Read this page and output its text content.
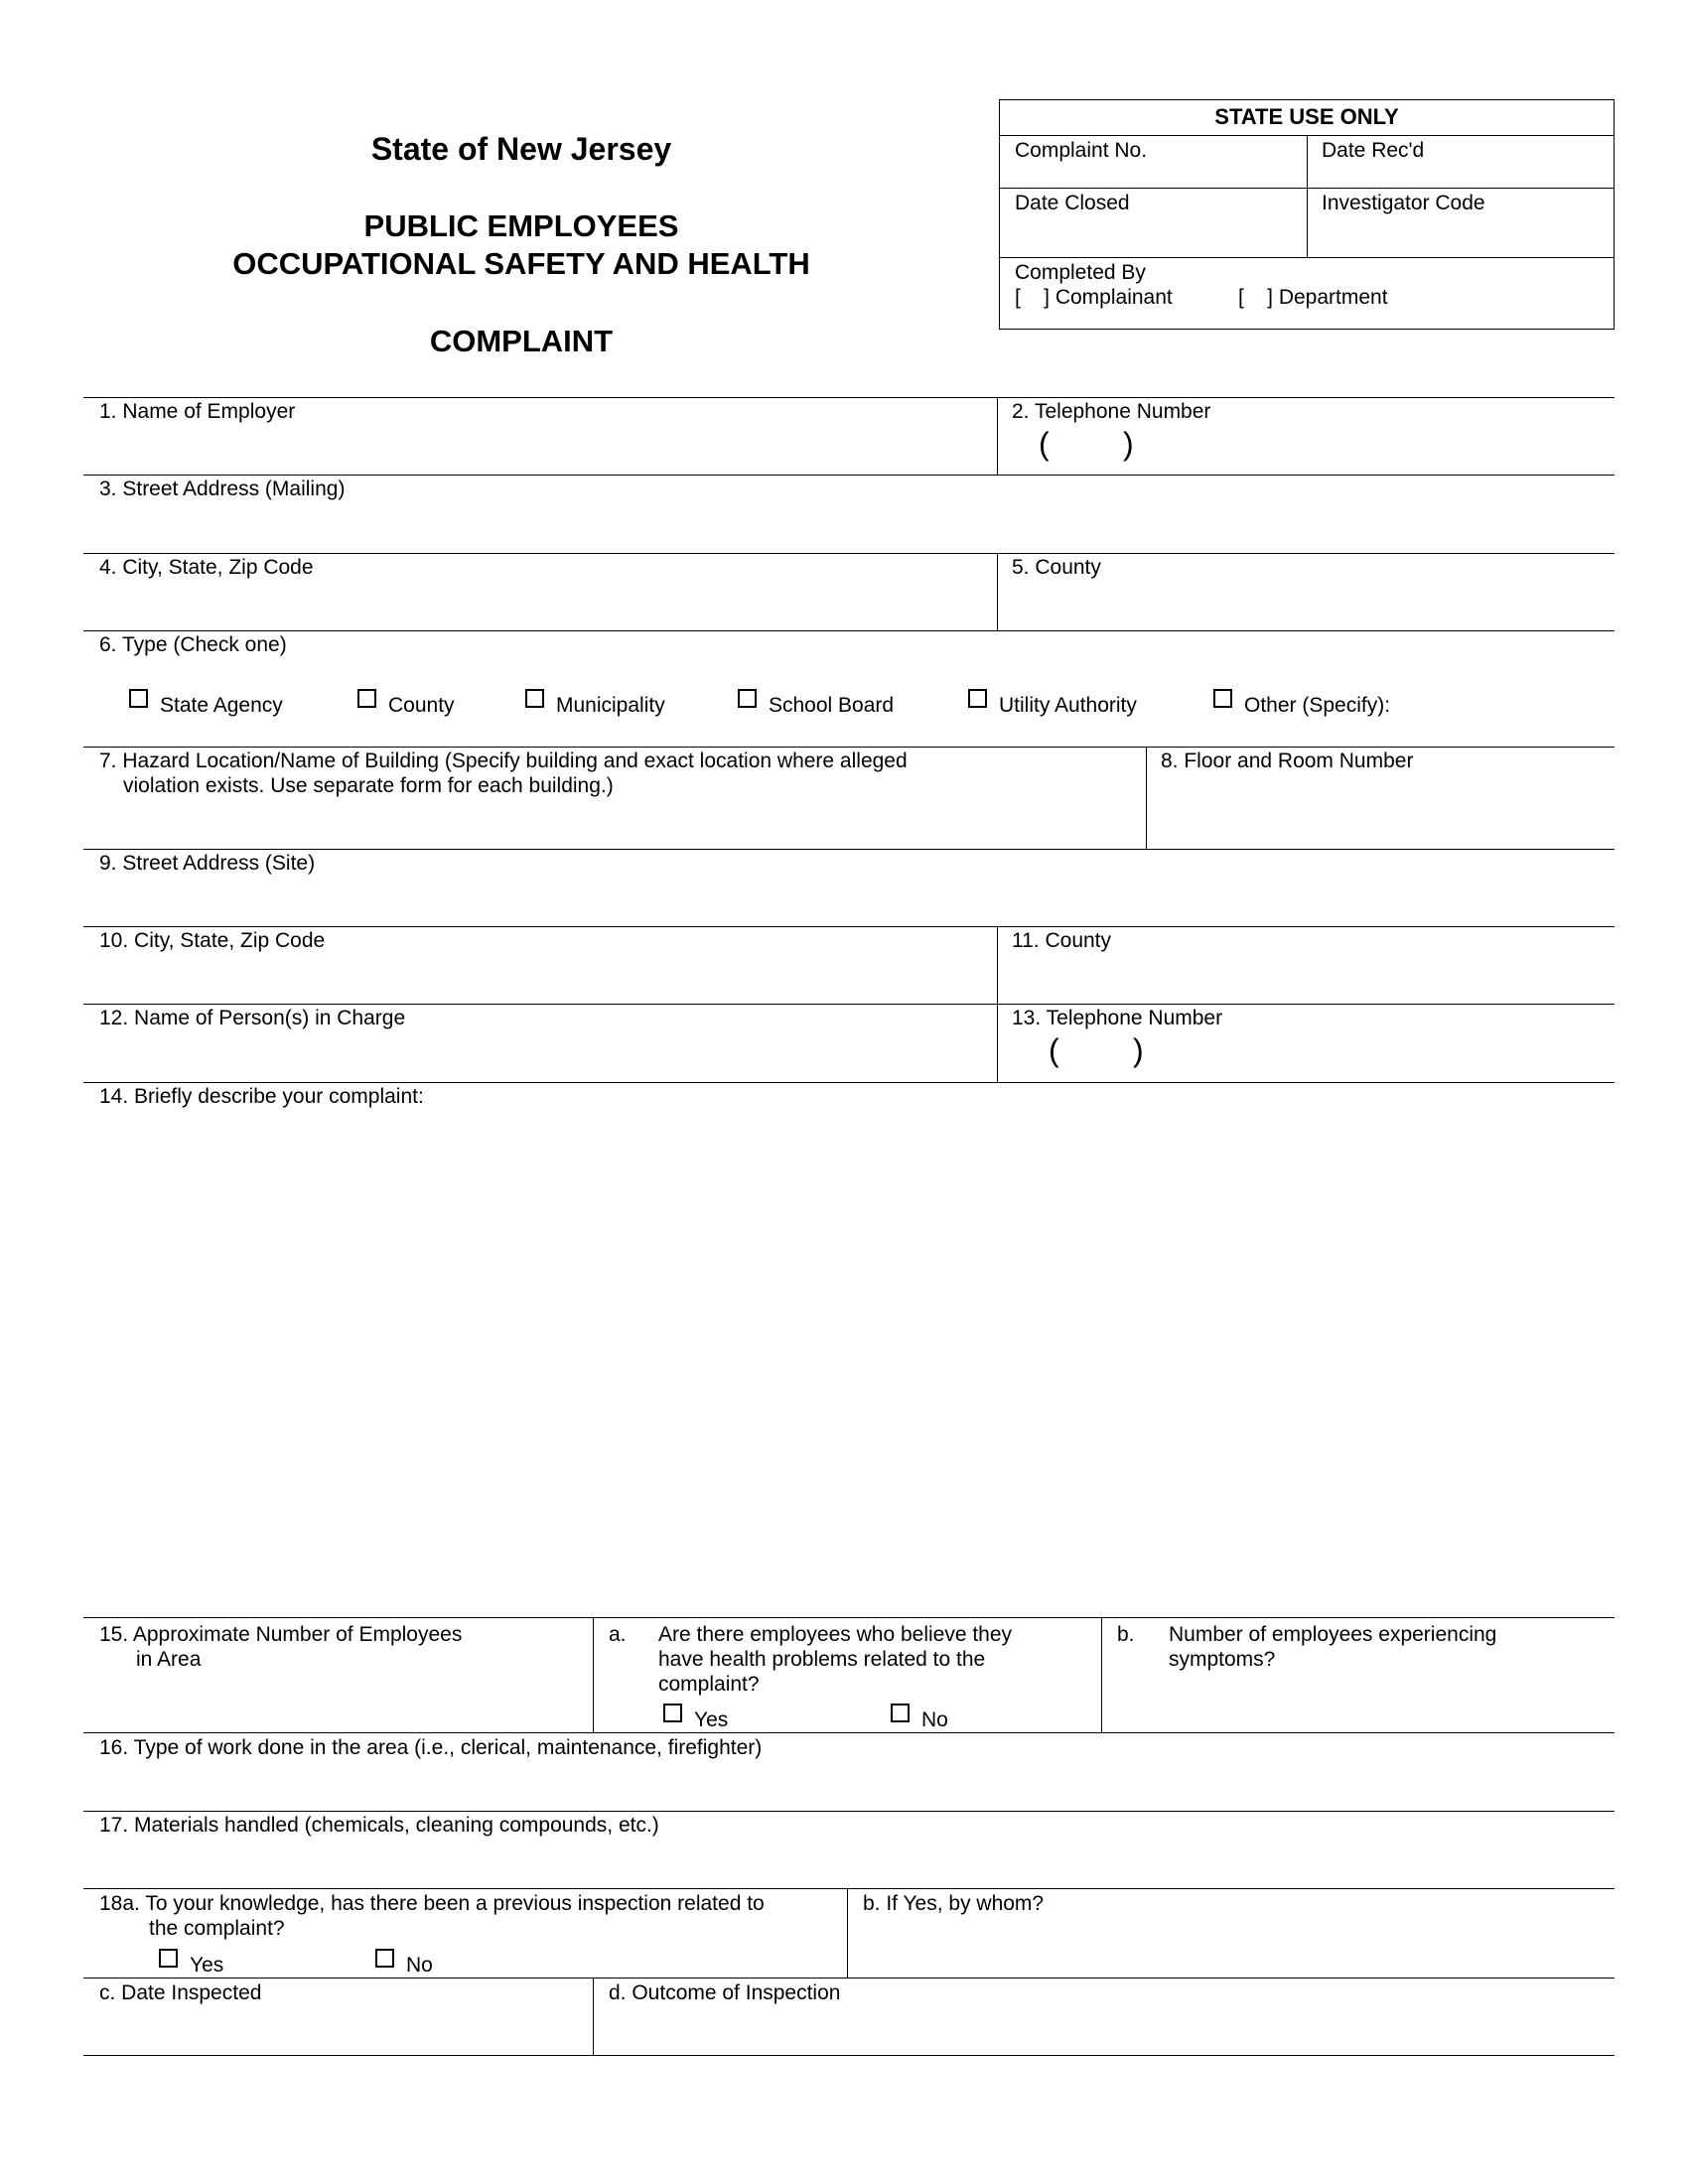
State of New Jersey
PUBLIC EMPLOYEES
OCCUPATIONAL SAFETY AND HEALTH
COMPLAINT
STATE USE ONLY
Complaint No.	Date Rec'd
Date Closed	Investigator Code
Completed By
[    ] Complainant	[    ] Department
1. Name of Employer	2. Telephone Number
( )
3. Street Address (Mailing)
4. City, State, Zip Code	5. County
6. Type (Check one)
State Agency	County	Municipality	School Board	Utility Authority	Other (Specify):
7. Hazard Location/Name of Building (Specify building and exact location where alleged
violation exists. Use separate form for each building.)
8. Floor and Room Number
9. Street Address (Site)
10. City, State, Zip Code	11. County
12. Name of Person(s) in Charge	13. Telephone Number
( )
14. Briefly describe your complaint:
15. Approximate Number of Employees
in Area
a. Are there employees who believe they
have health problems related to the
complaint?
Yes	No
b. Number of employees experiencing
symptoms?
16. Type of work done in the area (i.e., clerical, maintenance, firefighter)
17. Materials handled (chemicals, cleaning compounds, etc.)
18a. To your knowledge, has there been a previous inspection related to
the complaint?
Yes	No
b. If Yes, by whom?
c. Date Inspected	d. Outcome of Inspection
